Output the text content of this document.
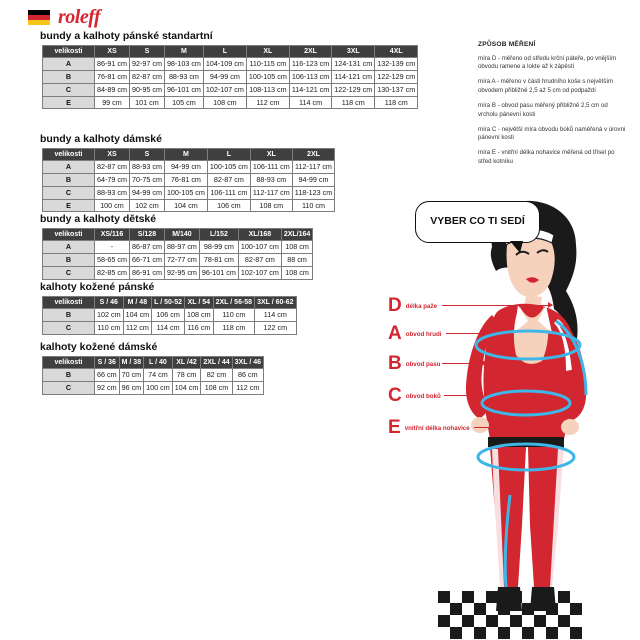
roleff
bundy a kalhoty pánské standartní
velikosti	XS	S	M	L	XL	2XL	3XL	4XL
A	86-91 cm	92-97 cm	98-103 cm	104-109 cm	110-115 cm	116-123 cm	124-131 cm	132-139 cm
B	76-81 cm	82-87 cm	88-93 cm	94-99 cm	100-105 cm	106-113 cm	114-121 cm	122-129 cm
C	84-89 cm	90-95 cm	96-101 cm	102-107 cm	108-113 cm	114-121 cm	122-129 cm	130-137 cm
E	99 cm	101 cm	105 cm	108 cm	112 cm	114 cm	118 cm	118 cm
bundy a kalhoty dámské
velikosti	XS	S	M	L	XL	2XL
A	82-87 cm	88-93 cm	94-99 cm	100-105 cm	106-111 cm	112-117 cm
B	64-79 cm	70-75 cm	76-81 cm	82-87 cm	88-93 cm	94-99 cm
C	88-93 cm	94-99 cm	100-105 cm	106-111 cm	112-117 cm	118-123 cm
E	100 cm	102 cm	104 cm	106 cm	108 cm	110 cm
bundy a kalhoty dětské
velikosti	XS/116	S/128	M/140	L/152	XL/168	2XL/164
A	-	86-87 cm	88-97 cm	98-99 cm	100-107 cm	108 cm
B	58-65 cm	66-71 cm	72-77 cm	78-81 cm	82-87 cm	88 cm
C	82-85 cm	86-91 cm	92-95 cm	96-101 cm	102-107 cm	108 cm
kalhoty kožené pánské
velikosti	S / 46	M / 48	L / 50-52	XL / 54	2XL / 56-58	3XL / 60-62
B	102 cm	104 cm	106 cm	108 cm	110 cm	114 cm
C	110 cm	112 cm	114 cm	116 cm	118 cm	122 cm
kalhoty kožené dámské
velikosti	S / 36	M / 38	L / 40	XL /42	2XL / 44	3XL / 46
B	66 cm	70 cm	74 cm	78 cm	82 cm	86 cm
C	92 cm	96 cm	100 cm	104 cm	108 cm	112 cm
ZPŮSOB MĚŘENÍ

míra D - měřeno od středu krční páteře, po vnějším obvodu ramene a lokte až k zápěstí

míra A - měřeno v části hrudního koše s největším obvodem přibližně 2,5 až 5 cm od podpaždí

míra B - obvod pasu měřený přibližně 2,5 cm od vrcholu pánevní kosti

míra C - největší míra obvodu boků naměřená v úrovni pánevní kosti

míra E - vnitřní délka nohavice měřená od třísel po střed kotníku

VYBER CO TI SEDÍ
D délka paže
A obvod hrudi
B obvod pasu
C obvod boků
E vnitřní délka nohavice
